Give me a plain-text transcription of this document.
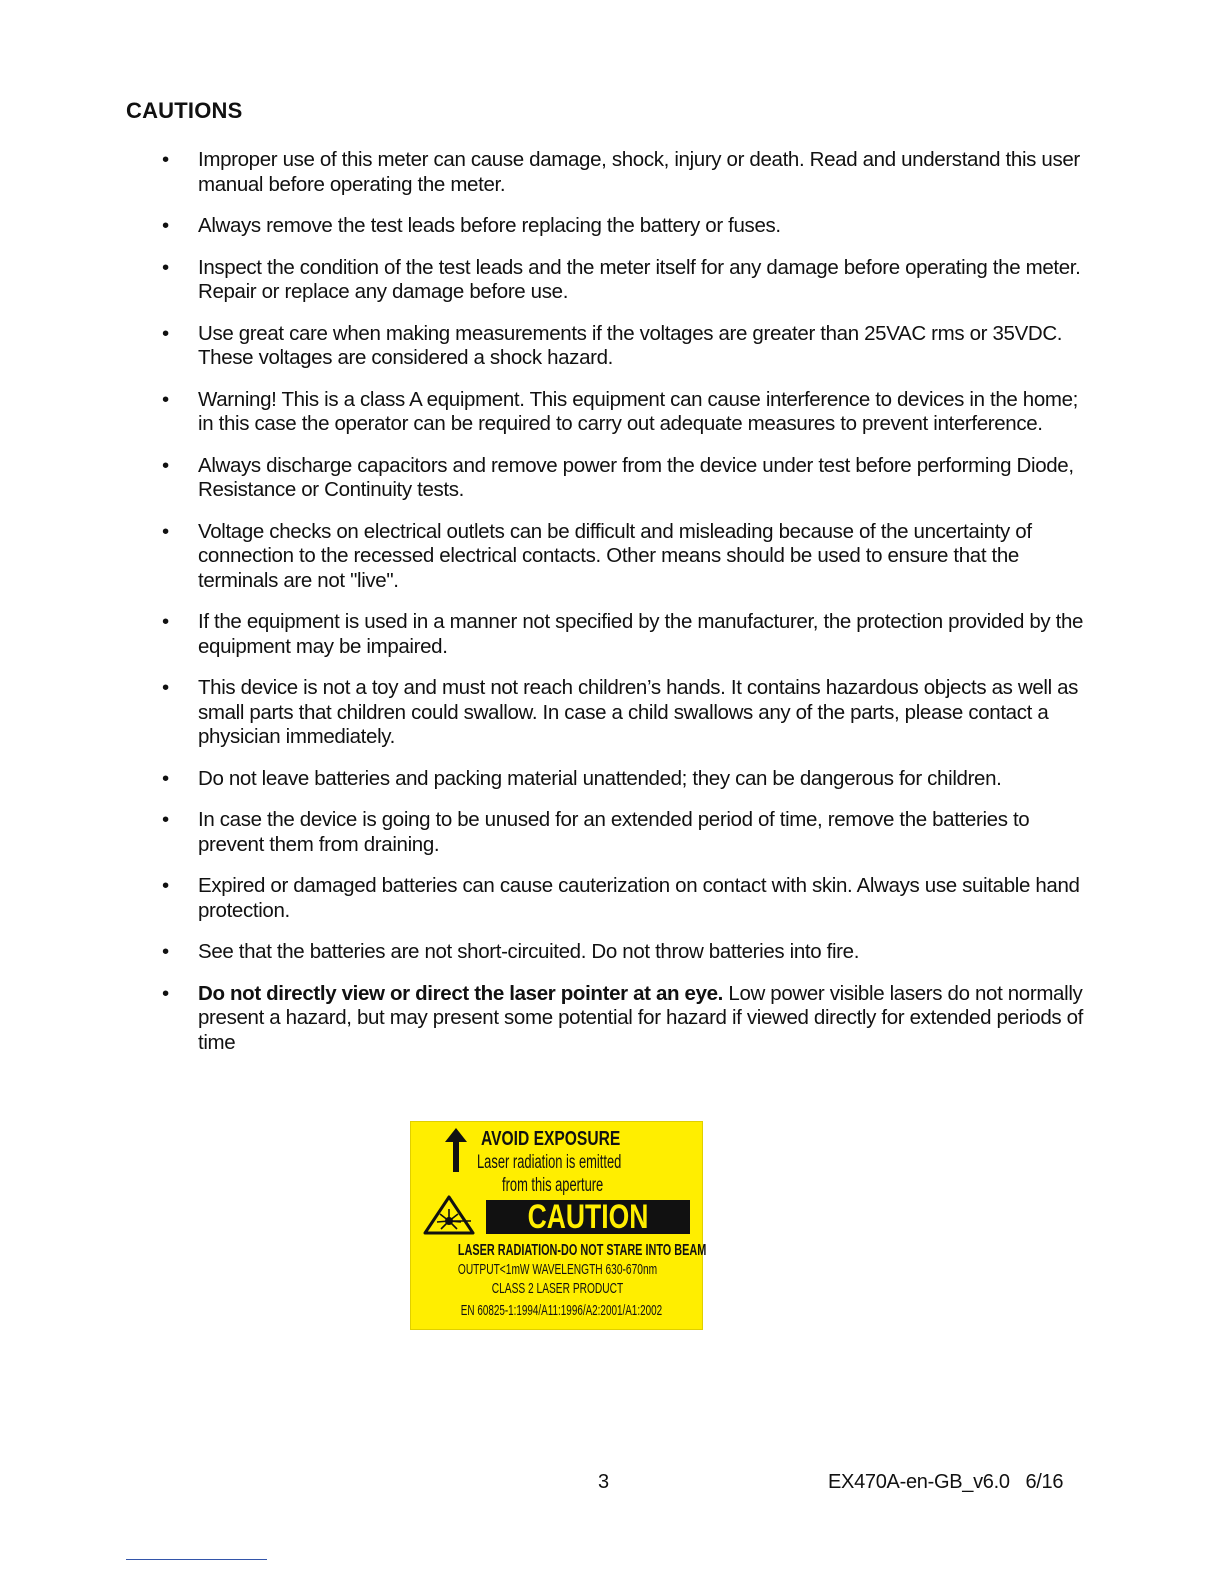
CAUTIONS
• Improper use of this meter can cause damage, shock, injury or death. Read and understand this user manual before operating the meter.
• Always remove the test leads before replacing the battery or fuses.
• Inspect the condition of the test leads and the meter itself for any damage before operating the meter. Repair or replace any damage before use.
• Use great care when making measurements if the voltages are greater than 25VAC rms or 35VDC. These voltages are considered a shock hazard.
• Warning! This is a class A equipment. This equipment can cause interference to devices in the home; in this case the operator can be required to carry out adequate measures to prevent interference.
• Always discharge capacitors and remove power from the device under test before performing Diode, Resistance or Continuity tests.
• Voltage checks on electrical outlets can be difficult and misleading because of the uncertainty of connection to the recessed electrical contacts. Other means should be used to ensure that the terminals are not "live".
• If the equipment is used in a manner not specified by the manufacturer, the protection provided by the equipment may be impaired.
• This device is not a toy and must not reach children’s hands. It contains hazardous objects as well as small parts that children could swallow. In case a child swallows any of the parts, please contact a physician immediately.
• Do not leave batteries and packing material unattended; they can be dangerous for children.
• In case the device is going to be unused for an extended period of time, remove the batteries to prevent them from draining.
• Expired or damaged batteries can cause cauterization on contact with skin. Always use suitable hand protection.
• See that the batteries are not short-circuited. Do not throw batteries into fire.
• Do not directly view or direct the laser pointer at an eye. Low power visible lasers do not normally present a hazard, but may present some potential for hazard if viewed directly for extended periods of time
AVOID EXPOSURE
Laser radiation is emitted
from this aperture
CAUTION
LASER RADIATION-DO NOT STARE INTO BEAM
OUTPUT<1mW WAVELENGTH 630-670nm
CLASS 2 LASER PRODUCT
EN 60825-1:1994/A11:1996/A2:2001/A1:2002
3	EX470A-en-GB_v6.0   6/16
